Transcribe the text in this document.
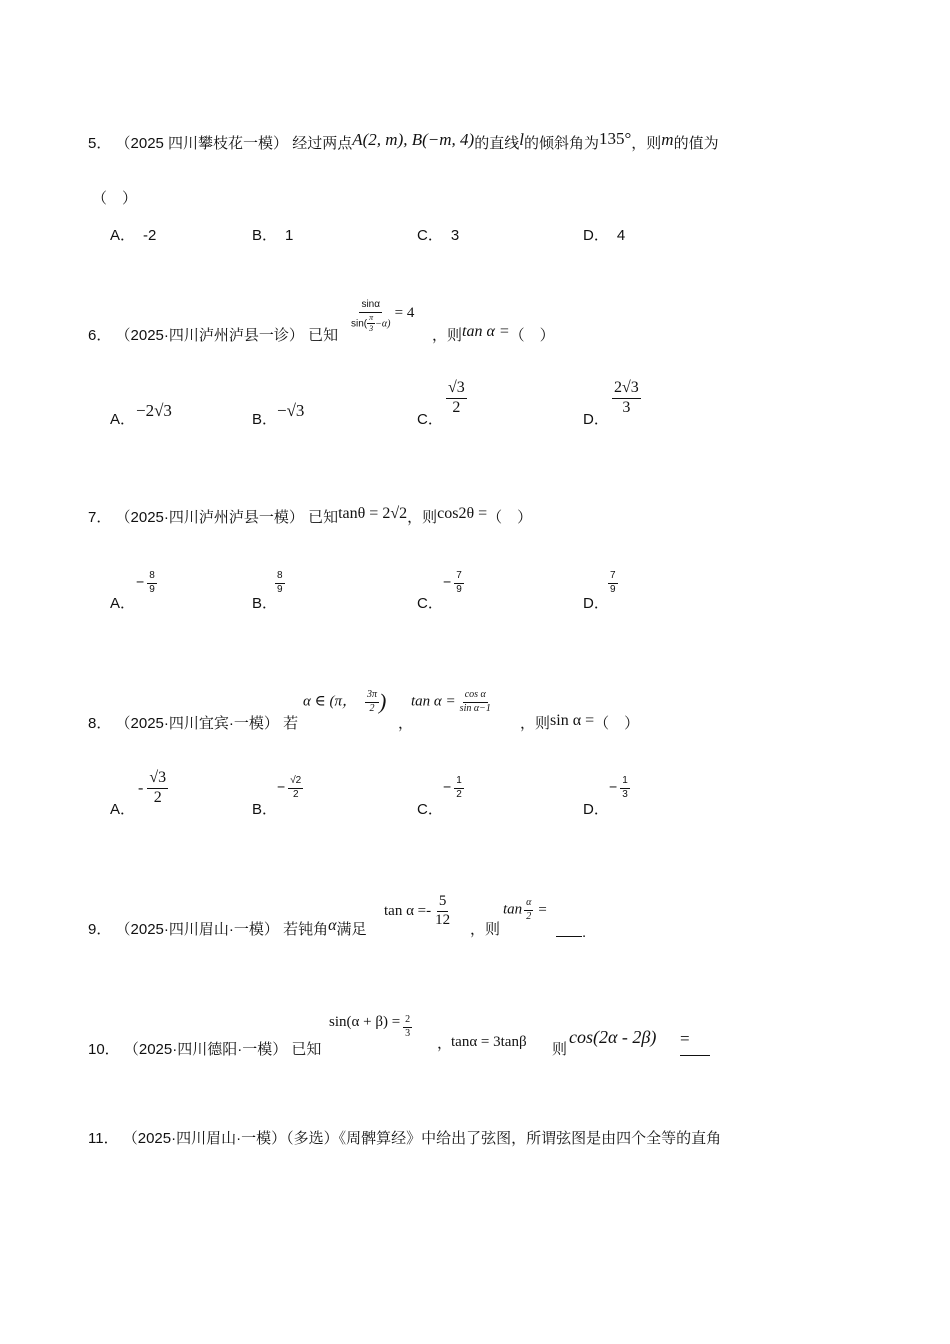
5． （2025 四川攀枝花一模） 经过两点A(2, m), B(−m, 4)的直线l的倾斜角为135°，则m的值为
（　）
A． -2	B． 1	C． 3	D． 4
6． （2025·四川泸州泸县一诊） 已知
$\frac{\sin\alpha}{\sin( \frac{\pi}{3} -\alpha)} = 4$
，则tan α =（　）
A． −2√3	B． −√3	C．
$\frac{√3}{2}$
D．
$\frac{2√3}{3}$
7． （2025·四川泸州泸县一模） 已知tanθ = 2√2，则cos2θ =（　）
A．
− $\frac{8}{9}$
B．
$\frac{8}{9}$
C．
− $\frac{7}{9}$
D．
$\frac{7}{9}$
8． （2025·四川宜宾·一模） 若
α ∈ (π， $\frac{3\pi}{2}$ )
，
$\tan \alpha = \frac{\text{cos α}}{\text{sin α−1}}$
，则sin α =（　）
A．
- $\frac{√3}{2}$
B．
− $\frac{√2}{2}$
C．
− $\frac{1}{2}$
D．
− $\frac{1}{3}$
9． （2025·四川眉山·一模） 若钝角α满足
$\tan \alpha =- \frac{5}{12}$
，则
$\tan \frac{\alpha}{2}$ =
.
10． （2025·四川德阳·一模） 已知
$\sin(\alpha + \beta) = \frac{2}{3}$
，
tanα = 3tanβ 则
cos(2α - 2β) =
11． （2025·四川眉山·一模）（多选）《周髀算经》中给出了弦图，所谓弦图是由四个全等的直角
